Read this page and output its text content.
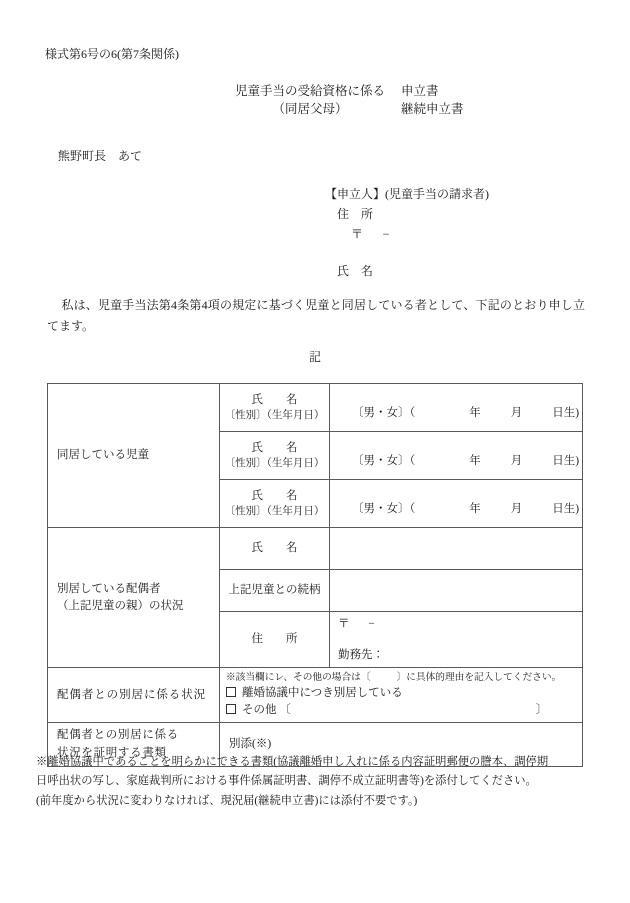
様式第6号の6(第7条関係)
児童手当の受給資格に係る
（同居父母）
申立書
継続申立書
熊野町長　あて
【申立人】(児童手当の請求者)
住　所
〒 −
氏　名
私は、児童手当法第4条第4項の規定に基づく児童と同居している者として、下記のとおり申し立てます。
記
同居している児童	氏　名
〔性別〕（生年月日）	〔男・女〕（ 年 月 日生)

	氏　名
〔性別〕（生年月日）	〔男・女〕（ 年 月 日生)

	氏　名
〔性別〕（生年月日）	〔男・女〕（ 年 月 日生)

別居している配偶者
（上記児童の親）の状況	氏　名	

	上記児童との続柄	

	住　所	〒 −
勤務先：

配偶者との別居に係る状況	※該当欄にレ、その他の場合は〔 〕に具体的理由を記入してください。
離婚協議中につき別居している
その他 〔 〕	

配偶者との別居に係る
状況を証明する書類	別添(※)	

※離婚協議中であることを明らかにできる書類(協議離婚申し入れに係る内容証明郵便の謄本、調停期

日呼出状の写し、家庭裁判所における事件係属証明書、調停不成立証明書等)を添付してください。

(前年度から状況に変わりなければ、現況届(継続申立書)には添付不要です。)
